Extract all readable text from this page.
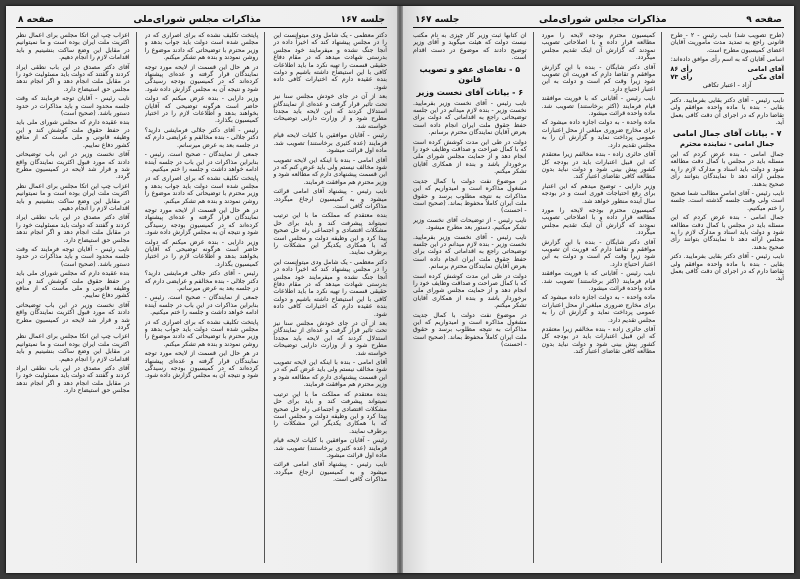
جلسه ۱۶۷
مذاکرات مجلس شورای‌ملی
صفحه ۸

دکتر معظمی - یک شامل ودی میتوانست این را در مجلس پیشنهاد کند که اخیراً داده در آنجا جنگ نشده و میفرمایند خود مجلس بدرستی شهادت میدهد که در مقام دفاع حقیقی قسمت را تهیه نکرد ما باید اطلاعات کافی با این استیضاح داشته باشیم و دولت بنده عقیده دارم که اختیارات کافی داده شود.

بعد از آن در جای خودش مجلس سنا نیز تحت تأثیر قرار گرفت و عده‌ای از نمایندگان استدلال کردند که این لایحه باید مجدداً مطرح شود و از وزارت دارایی توضیحات خواسته شد.

رئیس - آقایان موافقین با کلیات لایحه قیام فرمایند (عده کثیری برخاستند) تصویب شد. ماده اول قرائت میشود.

آقای امامی - بنده با اینکه این لایحه تصویب شود مخالف نیستم ولی باید عرض کنم که در این قسمت پیشنهادی دارم که مطالعه شود و وزیر محترم هم موافقت فرمایند.

نایب رئیس - پیشنهاد آقای امامی قرائت میشود و به کمیسیون ارجاع میگردد. مذاکرات کافی است.

بنده معتقدم که مملکت ما با این ترتیب نمیتواند پیشرفت کند و باید برای حل مشکلات اقتصادی و اجتماعی راه حل صحیح پیدا کرد و این وظیفه دولت و مجلس است که با همکاری یکدیگر این مشکلات را برطرف نمایند.

دکتر معظمی - یک شامل ودی میتوانست این را در مجلس پیشنهاد کند که اخیراً داده در آنجا جنگ نشده و میفرمایند خود مجلس بدرستی شهادت میدهد که در مقام دفاع حقیقی قسمت را تهیه نکرد ما باید اطلاعات کافی با این استیضاح داشته باشیم و دولت بنده عقیده دارم که اختیارات کافی داده شود.

بعد از آن در جای خودش مجلس سنا نیز تحت تأثیر قرار گرفت و عده‌ای از نمایندگان استدلال کردند که این لایحه باید مجدداً مطرح شود و از وزارت دارایی توضیحات خواسته شد.

آقای امامی - بنده با اینکه این لایحه تصویب شود مخالف نیستم ولی باید عرض کنم که در این قسمت پیشنهادی دارم که مطالعه شود و وزیر محترم هم موافقت فرمایند.

بنده معتقدم که مملکت ما با این ترتیب نمیتواند پیشرفت کند و باید برای حل مشکلات اقتصادی و اجتماعی راه حل صحیح پیدا کرد و این وظیفه دولت و مجلس است که با همکاری یکدیگر این مشکلات را برطرف نمایند.

رئیس - آقایان موافقین با کلیات لایحه قیام فرمایند (عده کثیری برخاستند) تصویب شد. ماده اول قرائت میشود.

نایب رئیس - پیشنهاد آقای امامی قرائت میشود و به کمیسیون ارجاع میگردد. مذاکرات کافی است.

پایتخت تکلیف نشده که برای اصراری که در مجلس شده است دولت باید جواب بدهد و وزیر محترم با توضیحاتی که دادند موضوع را روشن نمودند و بنده هم تشکر میکنم.

در هر حال این قسمت از لایحه مورد توجه نمایندگان قرار گرفته و عده‌ای پیشنهاد کرده‌اند که در کمیسیون بودجه رسیدگی شود و نتیجه آن به مجلس گزارش داده شود.

وزیر دارایی - بنده عرض میکنم که دولت حاضر است هرگونه توضیحی که آقایان بخواهند بدهد و اطلاعات لازم را در اختیار کمیسیون بگذارد.

رئیس - آقای دکتر جلالی فرمایشی دارید؟ دکتر جلالی - بنده مخالفم و عرایضی دارم که در جلسه بعد به عرض میرسانم.

جمعی از نمایندگان - صحیح است. رئیس - بنابراین مذاکرات در این باب در جلسه آینده ادامه خواهد داشت و جلسه را ختم میکنیم.

پایتخت تکلیف نشده که برای اصراری که در مجلس شده است دولت باید جواب بدهد و وزیر محترم با توضیحاتی که دادند موضوع را روشن نمودند و بنده هم تشکر میکنم.

در هر حال این قسمت از لایحه مورد توجه نمایندگان قرار گرفته و عده‌ای پیشنهاد کرده‌اند که در کمیسیون بودجه رسیدگی شود و نتیجه آن به مجلس گزارش داده شود.

وزیر دارایی - بنده عرض میکنم که دولت حاضر است هرگونه توضیحی که آقایان بخواهند بدهد و اطلاعات لازم را در اختیار کمیسیون بگذارد.

رئیس - آقای دکتر جلالی فرمایشی دارید؟ دکتر جلالی - بنده مخالفم و عرایضی دارم که در جلسه بعد به عرض میرسانم.

جمعی از نمایندگان - صحیح است. رئیس - بنابراین مذاکرات در این باب در جلسه آینده ادامه خواهد داشت و جلسه را ختم میکنیم.

پایتخت تکلیف نشده که برای اصراری که در مجلس شده است دولت باید جواب بدهد و وزیر محترم با توضیحاتی که دادند موضوع را روشن نمودند و بنده هم تشکر میکنم.

در هر حال این قسمت از لایحه مورد توجه نمایندگان قرار گرفته و عده‌ای پیشنهاد کرده‌اند که در کمیسیون بودجه رسیدگی شود و نتیجه آن به مجلس گزارش داده شود.

اعزاب چپ این اتکا مجلس برای اعمال نظر اکثریت ملت ایران بوده است و ما نمیتوانیم در مقابل این وضع ساکت بنشینیم و باید اقدامات لازم را انجام دهیم.

آقای دکتر مصدق در این باب نطقی ایراد کردند و گفتند که دولت باید مسئولیت خود را در مقابل ملت انجام دهد و اگر انجام ندهد مجلس حق استیضاح دارد.

نایب رئیس - آقایان توجه فرمایند که وقت جلسه محدود است و باید مذاکرات در حدود دستور باشد. (صحیح است)

بنده عقیده دارم که مجلس شورای ملی باید در حفظ حقوق ملت کوشش کند و این وظیفه قانونی و ملی ماست که از منافع کشور دفاع نماییم.

آقای نخست وزیر در این باب توضیحاتی دادند که مورد قبول اکثریت نمایندگان واقع شد و قرار شد لایحه در کمیسیون مطرح گردد.

اعزاب چپ این اتکا مجلس برای اعمال نظر اکثریت ملت ایران بوده است و ما نمیتوانیم در مقابل این وضع ساکت بنشینیم و باید اقدامات لازم را انجام دهیم.

آقای دکتر مصدق در این باب نطقی ایراد کردند و گفتند که دولت باید مسئولیت خود را در مقابل ملت انجام دهد و اگر انجام ندهد مجلس حق استیضاح دارد.

نایب رئیس - آقایان توجه فرمایند که وقت جلسه محدود است و باید مذاکرات در حدود دستور باشد. (صحیح است)

بنده عقیده دارم که مجلس شورای ملی باید در حفظ حقوق ملت کوشش کند و این وظیفه قانونی و ملی ماست که از منافع کشور دفاع نماییم.

آقای نخست وزیر در این باب توضیحاتی دادند که مورد قبول اکثریت نمایندگان واقع شد و قرار شد لایحه در کمیسیون مطرح گردد.

اعزاب چپ این اتکا مجلس برای اعمال نظر اکثریت ملت ایران بوده است و ما نمیتوانیم در مقابل این وضع ساکت بنشینیم و باید اقدامات لازم را انجام دهیم.

آقای دکتر مصدق در این باب نطقی ایراد کردند و گفتند که دولت باید مسئولیت خود را در مقابل ملت انجام دهد و اگر انجام ندهد مجلس حق استیضاح دارد.

صفحه ۹
مذاکرات مجلس شورای‌ملی
جلسه ۱۶۷

(طرح تصویب شد) نایب رئیس - ۲ - طرح قانونی راجع به تمدید مدت مأموریت آقایان اعضای کمیسیون مطرح است.

اسامی آقایان که به اسم رأی موافق داده‌اند:

آقای امامی
رأی ۸۶
آقای مکی
رأی ۷۳
آزاد - اعتبار تکافی

نایب رئیس - آقای دکتر بقایی بفرمایید. دکتر بقایی - بنده با ماده واحده موافقم ولی تقاضا دارم که در اجرای آن دقت کافی بعمل آید.

۷ - بیانات آقای جمال امامی
جمال امامی - نماینده محترم

جمال امامی - بنده عرض کردم که این مسئله باید در مجلس با کمال دقت مطالعه شود و دولت باید اسناد و مدارک لازم را به مجلس ارائه دهد تا نمایندگان بتوانند رأی صحیح بدهند.

نایب رئیس - آقای امامی مطالب شما صحیح است ولی وقت جلسه گذشته است. جلسه را ختم میکنیم.

جمال امامی - بنده عرض کردم که این مسئله باید در مجلس با کمال دقت مطالعه شود و دولت باید اسناد و مدارک لازم را به مجلس ارائه دهد تا نمایندگان بتوانند رأی صحیح بدهند.

نایب رئیس - آقای دکتر بقایی بفرمایید. دکتر بقایی - بنده با ماده واحده موافقم ولی تقاضا دارم که در اجرای آن دقت کافی بعمل آید.

کمیسیون محترم بودجه لایحه را مورد مطالعه قرار داده و با اصلاحاتی تصویب نمودند که گزارش آن اینک تقدیم مجلس میگردد.

آقای دکتر شایگان - بنده با این گزارش موافقم و تقاضا دارم که فوریت آن تصویب شود زیرا وقت کم است و دولت به این اعتبار احتیاج دارد.

نایب رئیس - آقایانی که با فوریت موافقند قیام فرمایند (اکثر برخاستند) تصویب شد. ماده واحده قرائت میشود.

ماده واحده - به دولت اجازه داده میشود که برای مخارج ضروری مبلغی از محل اعتبارات عمومی پرداخت نماید و گزارش آن را به مجلس تقدیم دارد.

آقای حائری زاده - بنده مخالفم زیرا معتقدم که این قبیل اعتبارات باید در بودجه کل کشور پیش بینی شود و دولت نباید بدون مطالعه کافی تقاضای اعتبار کند.

وزیر دارایی - توضیح میدهم که این اعتبار برای رفع احتیاجات فوری است و در بودجه سال آینده منظور خواهد شد.

کمیسیون محترم بودجه لایحه را مورد مطالعه قرار داده و با اصلاحاتی تصویب نمودند که گزارش آن اینک تقدیم مجلس میگردد.

آقای دکتر شایگان - بنده با این گزارش موافقم و تقاضا دارم که فوریت آن تصویب شود زیرا وقت کم است و دولت به این اعتبار احتیاج دارد.

نایب رئیس - آقایانی که با فوریت موافقند قیام فرمایند (اکثر برخاستند) تصویب شد. ماده واحده قرائت میشود.

ماده واحده - به دولت اجازه داده میشود که برای مخارج ضروری مبلغی از محل اعتبارات عمومی پرداخت نماید و گزارش آن را به مجلس تقدیم دارد.

آقای حائری زاده - بنده مخالفم زیرا معتقدم که این قبیل اعتبارات باید در بودجه کل کشور پیش بینی شود و دولت نباید بدون مطالعه کافی تقاضای اعتبار کند.

آن کتابها ثبت وزیر کار چیزی به نام مکتب نیست دولت که هیئت میگوید و آقای وزیر توضیح دادند که موضوع در دست اقدام است.

۵ - تقاضای عفو و تصویب قانون
۶ - بیانات آقای نخست وزیر

نایب رئیس - آقای نخست وزیر بفرمایید. نخست وزیر - بنده لازم میدانم در این جلسه توضیحاتی راجع به اقداماتی که دولت برای حفظ حقوق ملت ایران انجام داده است بعرض آقایان نمایندگان محترم برسانم.

دولت در طی این مدت کوشش کرده است که با کمال صراحت و صداقت وظایف خود را انجام دهد و از حمایت مجلس شورای ملی برخوردار باشد و بنده از همکاری آقایان تشکر میکنم.

در موضوع نفت دولت با کمال جدیت مشغول مذاکره است و امیدواریم که این مذاکرات به نتیجه مطلوب برسد و حقوق ملت ایران کاملاً محفوظ بماند. (صحیح است - احسنت)

نایب رئیس - از توضیحات آقای نخست وزیر تشکر میکنیم. دستور بعد مطرح میشود.

نایب رئیس - آقای نخست وزیر بفرمایید. نخست وزیر - بنده لازم میدانم در این جلسه توضیحاتی راجع به اقداماتی که دولت برای حفظ حقوق ملت ایران انجام داده است بعرض آقایان نمایندگان محترم برسانم.

دولت در طی این مدت کوشش کرده است که با کمال صراحت و صداقت وظایف خود را انجام دهد و از حمایت مجلس شورای ملی برخوردار باشد و بنده از همکاری آقایان تشکر میکنم.

در موضوع نفت دولت با کمال جدیت مشغول مذاکره است و امیدواریم که این مذاکرات به نتیجه مطلوب برسد و حقوق ملت ایران کاملاً محفوظ بماند. (صحیح است - احسنت)
